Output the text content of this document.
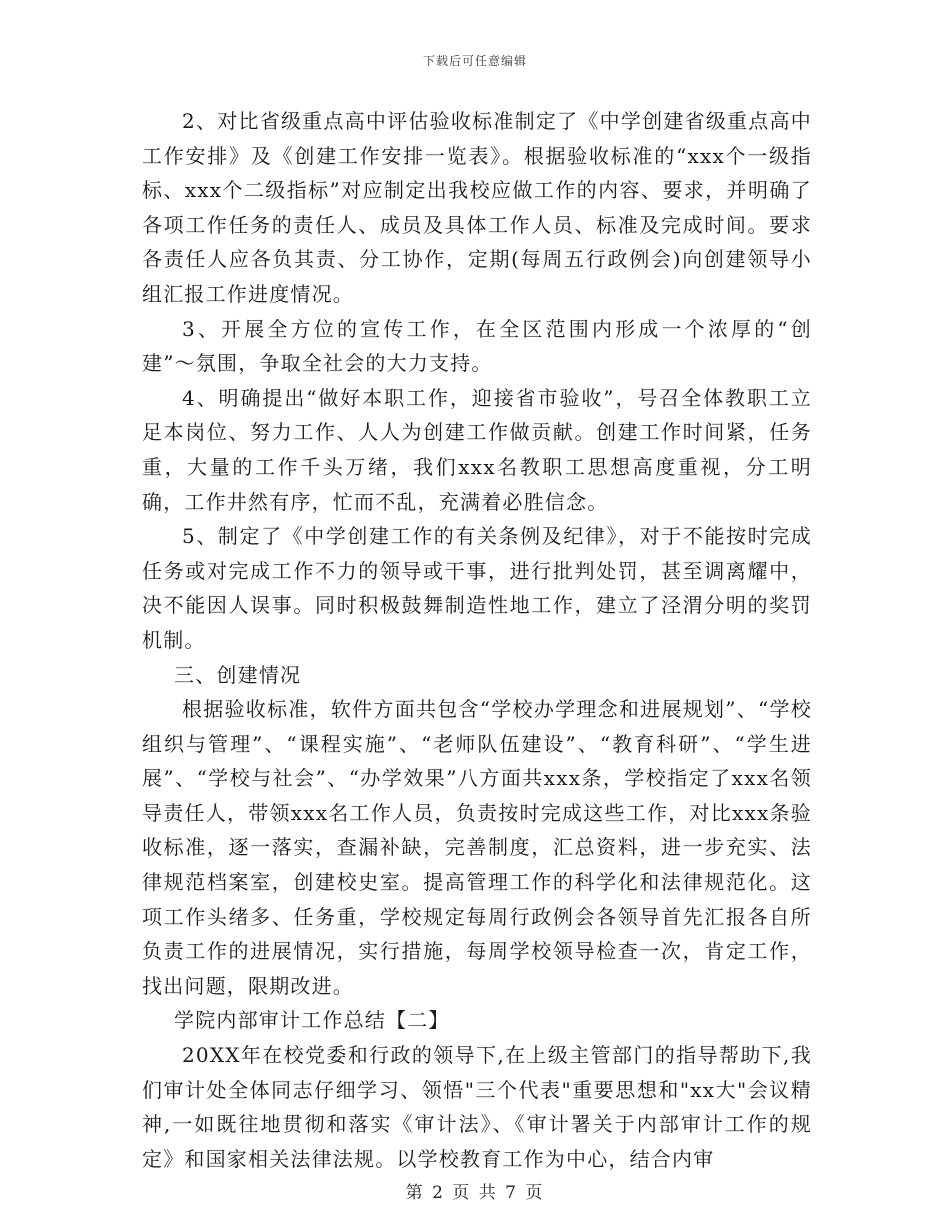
下载后可任意编辑

2、对比省级重点高中评估验收标准制定了《中学创建省级重点高中工作安排》及《创建工作安排一览表》。根据验收标准的“xxx个一级指标、xxx个二级指标”对应制定出我校应做工作的内容、要求，并明确了各项工作任务的责任人、成员及具体工作人员、标准及完成时间。要求各责任人应各负其责、分工协作，定期(每周五行政例会)向创建领导小组汇报工作进度情况。

3、开展全方位的宣传工作，在全区范围内形成一个浓厚的“创建”～氛围，争取全社会的大力支持。

4、明确提出“做好本职工作，迎接省市验收”，号召全体教职工立足本岗位、努力工作、人人为创建工作做贡献。创建工作时间紧，任务重，大量的工作千头万绪，我们xxx名教职工思想高度重视，分工明确，工作井然有序，忙而不乱，充满着必胜信念。

5、制定了《中学创建工作的有关条例及纪律》，对于不能按时完成任务或对完成工作不力的领导或干事，进行批判处罚，甚至调离耀中，决不能因人误事。同时积极鼓舞制造性地工作，建立了泾渭分明的奖罚机制。

三、创建情况

根据验收标准，软件方面共包含“学校办学理念和进展规划”、“学校组织与管理”、“课程实施”、“老师队伍建设”、“教育科研”、“学生进展”、“学校与社会”、“办学效果”八方面共xxx条，学校指定了xxx名领导责任人，带领xxx名工作人员，负责按时完成这些工作，对比xxx条验收标准，逐一落实，查漏补缺，完善制度，汇总资料，进一步充实、法律规范档案室，创建校史室。提高管理工作的科学化和法律规范化。这项工作头绪多、任务重，学校规定每周行政例会各领导首先汇报各自所负责工作的进展情况，实行措施，每周学校领导检查一次，肯定工作，找出问题，限期改进。

学院内部审计工作总结【二】

20XX年在校党委和行政的领导下,在上级主管部门的指导帮助下,我们审计处全体同志仔细学习、领悟"三个代表"重要思想和"xx大"会议精神,一如既往地贯彻和落实《审计法》、《审计署关于内部审计工作的规定》和国家相关法律法规。以学校教育工作为中心，结合内审

第 2 页 共 7 页
